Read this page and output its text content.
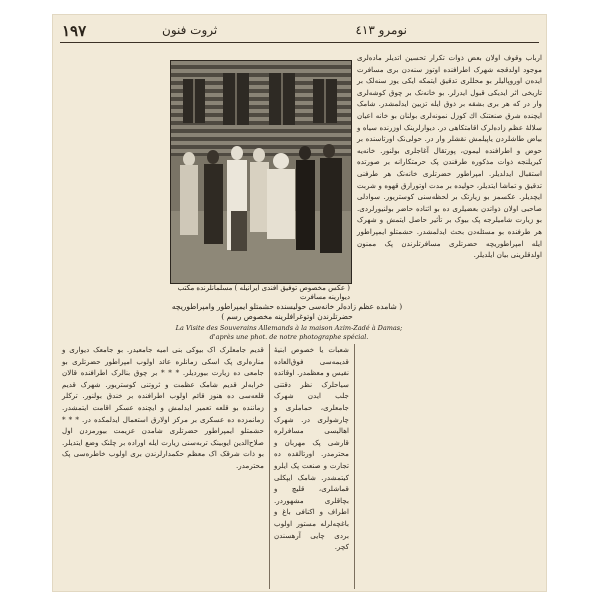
١٩٧	ثروت فنون	نومرو ٤١٣
( عکس مخصوص توفیق افندی ایرانیله ) مسلمانلرنده مکتب دیوارینه مسافرت
( شامده عظم زاده‌لر خانه‌سی حولیسنده حشمتلو ایمپراطور وامپراطوریچه حضرتلرندن اوتوغرافلرینه مخصوص رسم )
La Visite des Souverains Allemands à la maison Azim-Zadé à Damas; d'après une phot. de notre photographe spécial.

ارباب وقوف اولان بعض ذوات تکرار تحسین اتدیلر ماده‌لری موجود اولدقجه شهرک اطرافنده اوتوز سنه‌دن بری مسافرت ایده‌ن اوروپالیلر بو محللری تدقیق ایتمکه ایکی یوز سنه‌لک بر تاریخی اثر ایدیکی قبول ایدرلر. بو خانه‌نک بر چوق کوشه‌لری وار در که هر بری بشقه بر ذوق ایله تزیین ایدلمشدر. شامک ایچنده شرق صنعتنک اك کوزل نمونه‌لری بولنان بو خانه اعیان سلالهٔ عظم زاده‌لرک اقامتکاهی در. دیوارلرینک اوزرنده سیاه و بیاض طاشلردن یاپیلمش نقشلر وار در. حولی‌نک اورتاسنده بر حوض و اطرافنده لیمون، پورتقال آغاجلری بولنور. خانه‌یه کیریلنجه ذوات مذکوره طرفندن پک حرمتکارانه بر صورتده استقبال ایدلدیلر. امپراطور حضرتلری خانه‌نک هر طرفنی تدقیق و تماشا ایتدیلر، حولیده بر مدت اوتورارق قهوه و شربت ایچدیلر. عکسمز بو زیارتک بر لحظه‌سنی کوستریور. سوادلی صاحبی اولان ذواتدن بعضیلری ده بو اثناده حاضر بولنیورلردی. بو زیارت شامیلرجه پک بیوک بر تأثیر حاصل ایتمش و شهرک هر طرفنده بو مسئله‌دن بحث ایدلمشدر. حشمتلو ایمپراطور ایله امپراطوریچه حضرتلری مسافرتلرندن پک ممنون اولدقلرینی بیان ایلدیلر.

شعبات یا خصوص ابنیهٔ قدیمه‌سی فوق‌العاده نفیس و معظمدر. اوقاتده سیاحلرک نظر دقتنی جلب ایدن شهرک جامعلری، حماملری و چارشولری در. شهرک اهالیسی مسافرلره قارشی پک مهربان و محترمدر. اورتالقده ده تجارت و صنعت پک ایلرو کیتمشدر. شامک ایپکلی قماشلری، قلیچ و بچاقلری مشهوردر. اطراف و اکنافی باغ و باغچه‌لرله مستور اولوب بردی چایی آرهسندن کچر.

قدیم جامعلرک اک بیوکی بنی امیه جامعیدر. بو جامعک دیواری و مناره‌لری پک اسکی زمانلره عائد اولوب امپراطور حضرتلری بو جامعی ده زیارت بیوردیلر. * * * بر چوق بنالرک اطرافنده قالان خرابه‌لر قدیم شامک عظمت و ثروتنی کوستریور. شهرک قدیم قلعه‌سی ده هنوز قائم اولوب اطرافنده بر خندق بولنور. ترکلر زماننده بو قلعه تعمیر ایدلمش و ایچنده عسکر اقامت ایتمشدر. زمانمزده ده عسکری بر مرکز اولارق استعمال ایدلمکده در. * * * حشمتلو ایمپراطور حضرتلری شامدن عزیمت بیورمزدن اول صلاح‌الدین ایوبینک تربه‌سنی زیارت ایله اوراده بر چلنک وضع ایتدیلر. بو ذات شرقک اک معظم حکمدارلرندن بری اولوب خاطره‌سی پک محترمدر.
